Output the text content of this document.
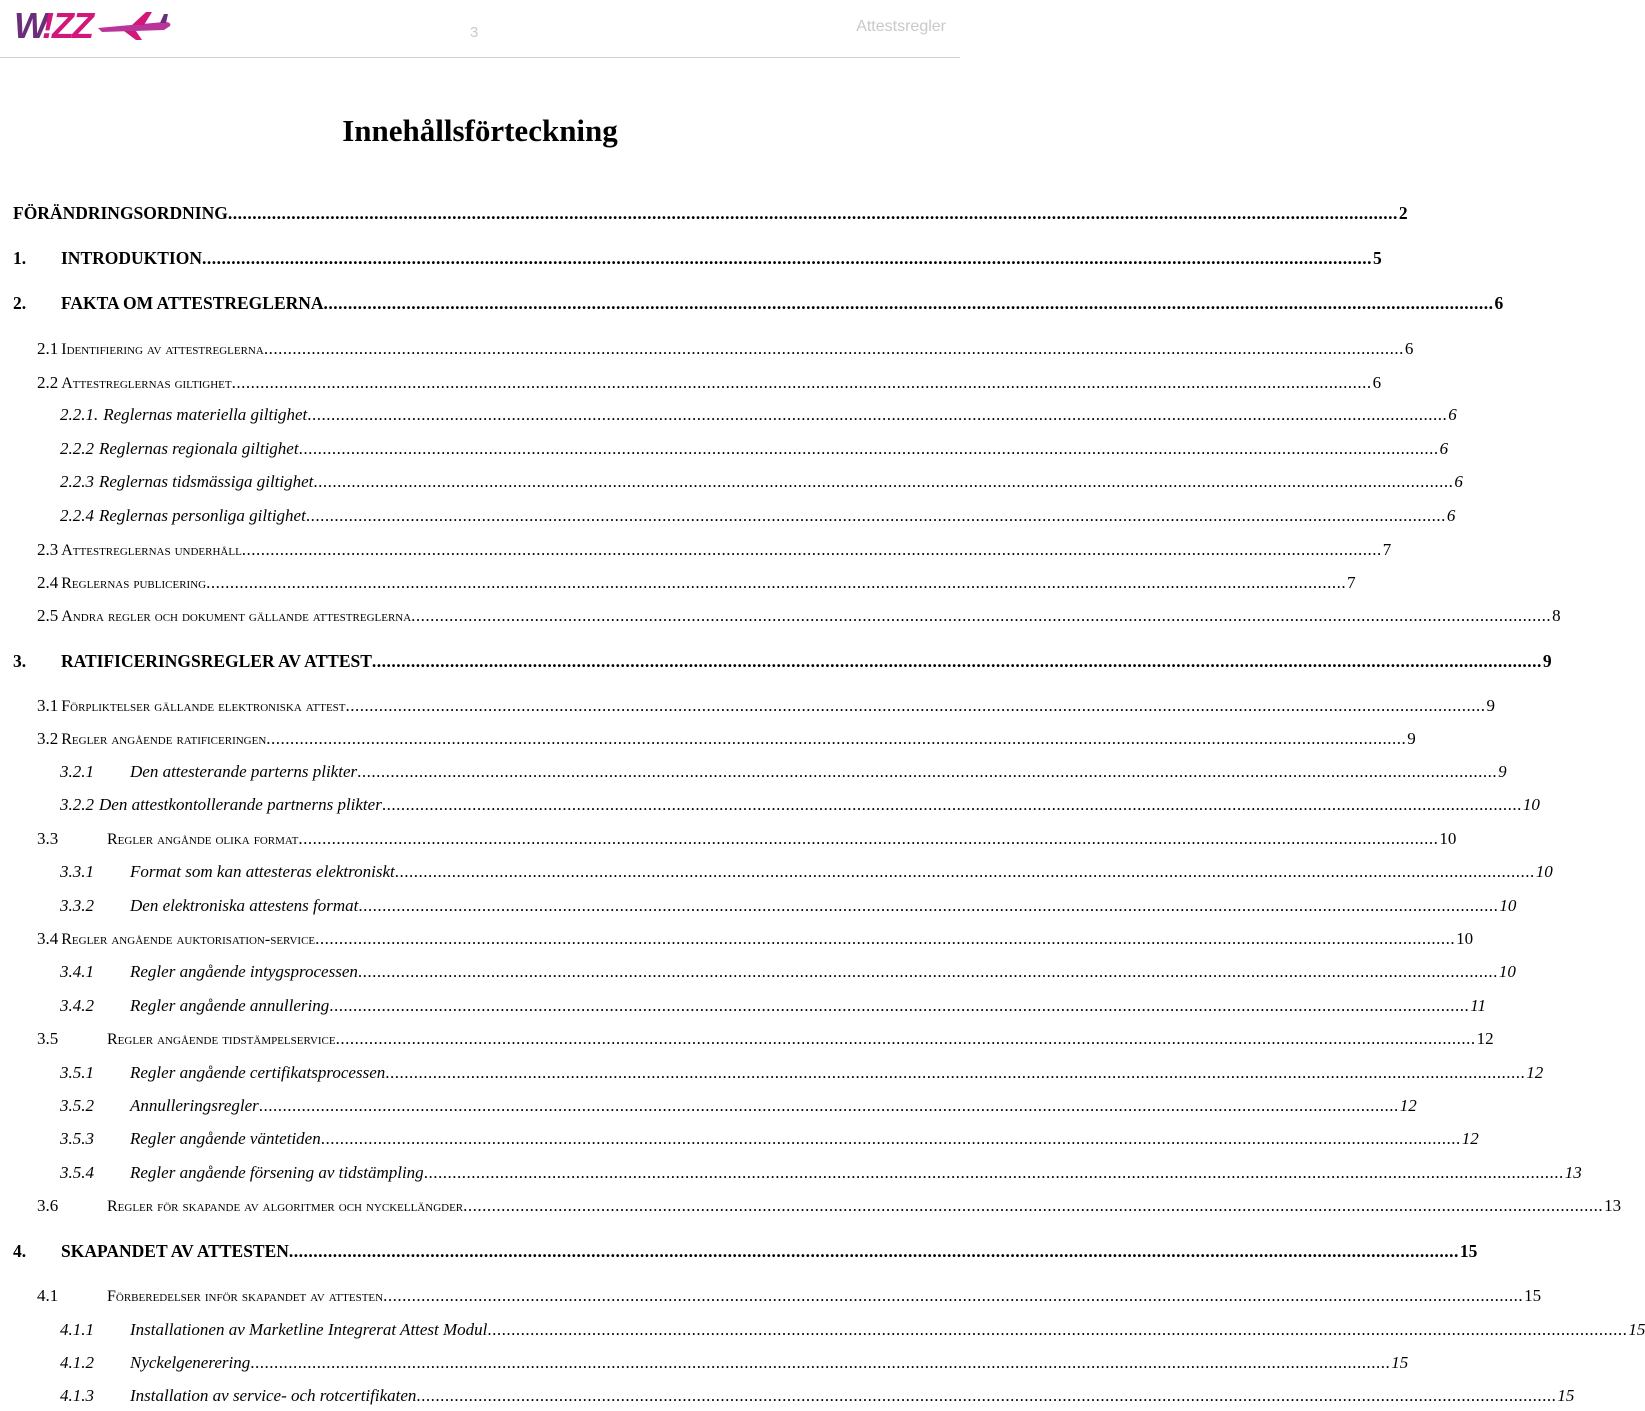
W
!ZZ	3	Attestsregler
Innehållsförteckning
FÖRÄNDRINGSORDNING .....	2
1.	INTRODUKTION .....	5
2.	FAKTA OM ATTESTREGLERNA .....	6
2.1 Identifiering av attestreglerna .....	6
2.2 Attestreglernas giltighet .....	6
2.2.1. Reglernas materiella giltighet .....	6
2.2.2 Reglernas regionala giltighet .....	6
2.2.3 Reglernas tidsmässiga giltighet .....	6
2.2.4 Reglernas personliga giltighet .....	6
2.3 Attestreglernas underhåll .....	7
2.4 Reglernas publicering .....	7
2.5 Andra regler och dokument gällande attestreglerna .....	8
3.	RATIFICERINGSREGLER AV ATTEST .....	9
3.1 Förpliktelser gällande elektroniska attest .....	9
3.2 Regler angående ratificeringen .....	9
3.2.1	Den attesterande parterns plikter .....	9
3.2.2 Den attestkontollerande partnerns plikter .....	10
3.3	Regler angånde olika format .....	10
3.3.1	Format som kan attesteras elektroniskt .....	10
3.3.2	Den elektroniska attestens format .....	10
3.4 Regler angående auktorisation-service .....	10
3.4.1	Regler angående intygsprocessen .....	10
3.4.2	Regler angående annullering .....	11
3.5	Regler angående tidstämpelservice .....	12
3.5.1	Regler angående certifikatsprocessen .....	12
3.5.2	Annulleringsregler .....	12
3.5.3	Regler angående väntetiden .....	12
3.5.4	Regler angående försening av tidstämpling .....	13
3.6	Regler för skapande av algoritmer och nyckellängder .....	13
4.	SKAPANDET AV ATTESTEN .....	15
4.1	Förberedelser inför skapandet av attesten .....	15
4.1.1	Installationen av Marketline Integrerat Attest Modul .....	15
4.1.2	Nyckelgenerering .....	15
4.1.3	Installation av service- och rotcertifikaten .....	15
